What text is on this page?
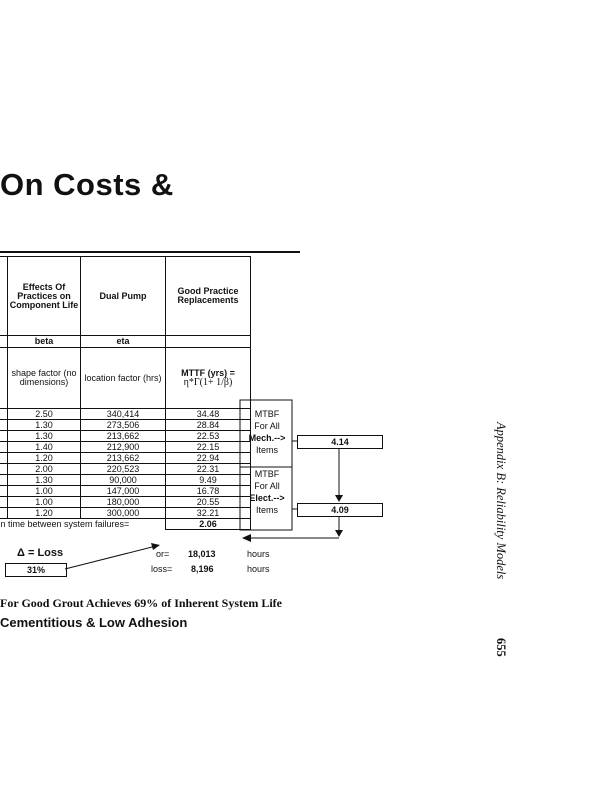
On Costs &
	Effects Of Practices on Component Life	Dual Pump	Good Practice Replacements
	beta	eta	
	shape factor (no dimensions)	location factor (hrs)	MTTF (yrs) =
η*Γ(1+ 1/β)

	2.50	340,414	34.48
	1.30	273,506	28.84
	1.30	213,662	22.53
	1.40	212,900	22.15
	1.20	213,662	22.94
	2.00	220,523	22.31
	1.30	90,000	9.49
	1.00	147,000	16.78
	1.00	180,000	20.55
	1.20	300,000	32.21
n time between system failures=			2.06
MTBF
For All
Mech.-->
Items
4.14
MTBF
For All
Elect.-->
Items	4.09
Δ = Loss
31%
or= 18,013	hours
loss= 8,196	hours
For Good Grout Achieves 69% of Inherent System Life
Cementitious & Low Adhesion
Appendix B: Reliability Models
655
